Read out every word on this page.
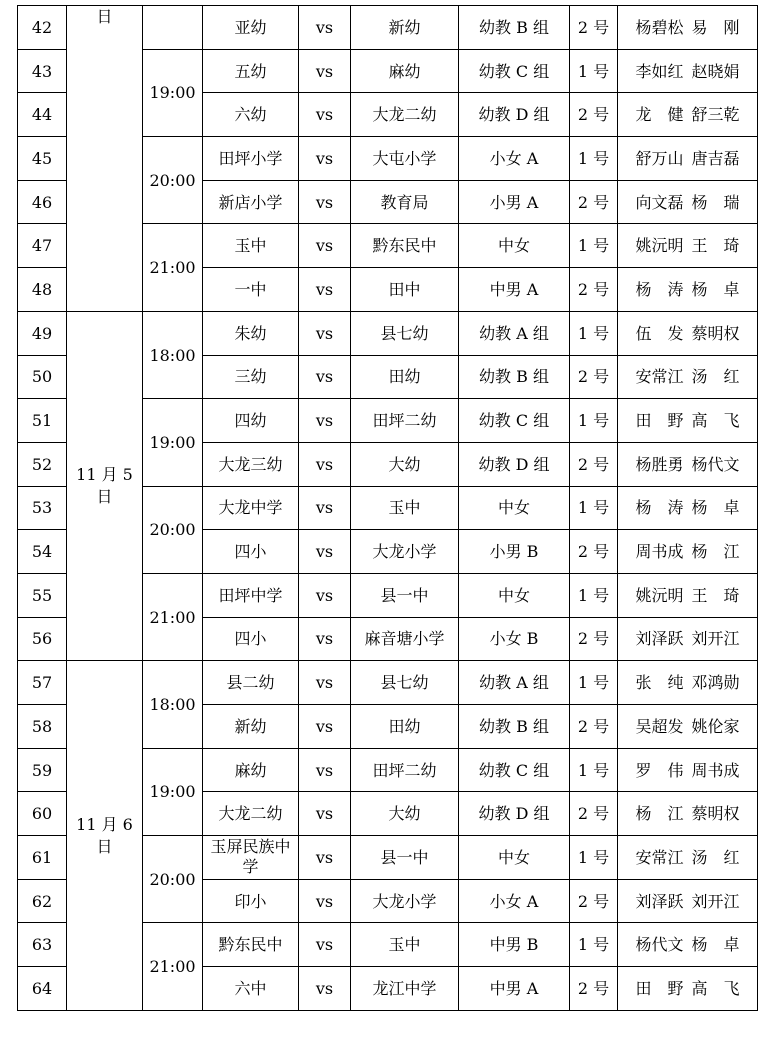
42	日		亚幼	vs	新幼	幼教 B 组	2 号	杨碧松 易　刚
43		19:00	五幼	vs	麻幼	幼教 C 组	1 号	李如红 赵晓娟
44			六幼	vs	大龙二幼	幼教 D 组	2 号	龙　健 舒三乾
45		20:00	田坪小学	vs	大屯小学	小女 A	1 号	舒万山 唐吉磊
46			新店小学	vs	教育局	小男 A	2 号	向文磊 杨　瑞
47		21:00	玉中	vs	黔东民中	中女	1 号	姚沅明 王　琦
48			一中	vs	田中	中男 A	2 号	杨　涛 杨　卓
49	11 月 5 日	18:00	朱幼	vs	县七幼	幼教 A 组	1 号	伍　发 蔡明权
50			三幼	vs	田幼	幼教 B 组	2 号	安常江 汤　红
51		19:00	四幼	vs	田坪二幼	幼教 C 组	1 号	田　野 高　飞
52			大龙三幼	vs	大幼	幼教 D 组	2 号	杨胜勇 杨代文
53		20:00	大龙中学	vs	玉中	中女	1 号	杨　涛 杨　卓
54			四小	vs	大龙小学	小男 B	2 号	周书成 杨　江
55		21:00	田坪中学	vs	县一中	中女	1 号	姚沅明 王　琦
56			四小	vs	麻音塘小学	小女 B	2 号	刘泽跃 刘开江
57	11 月 6 日	18:00	县二幼	vs	县七幼	幼教 A 组	1 号	张　纯 邓鸿勋
58			新幼	vs	田幼	幼教 B 组	2 号	吴超发 姚伦家
59		19:00	麻幼	vs	田坪二幼	幼教 C 组	1 号	罗　伟 周书成
60			大龙二幼	vs	大幼	幼教 D 组	2 号	杨　江 蔡明权
61		20:00	玉屏民族中学	vs	县一中	中女	1 号	安常江 汤　红
62			印小	vs	大龙小学	小女 A	2 号	刘泽跃 刘开江
63		21:00	黔东民中	vs	玉中	中男 B	1 号	杨代文 杨　卓
64			六中	vs	龙江中学	中男 A	2 号	田　野 高　飞
